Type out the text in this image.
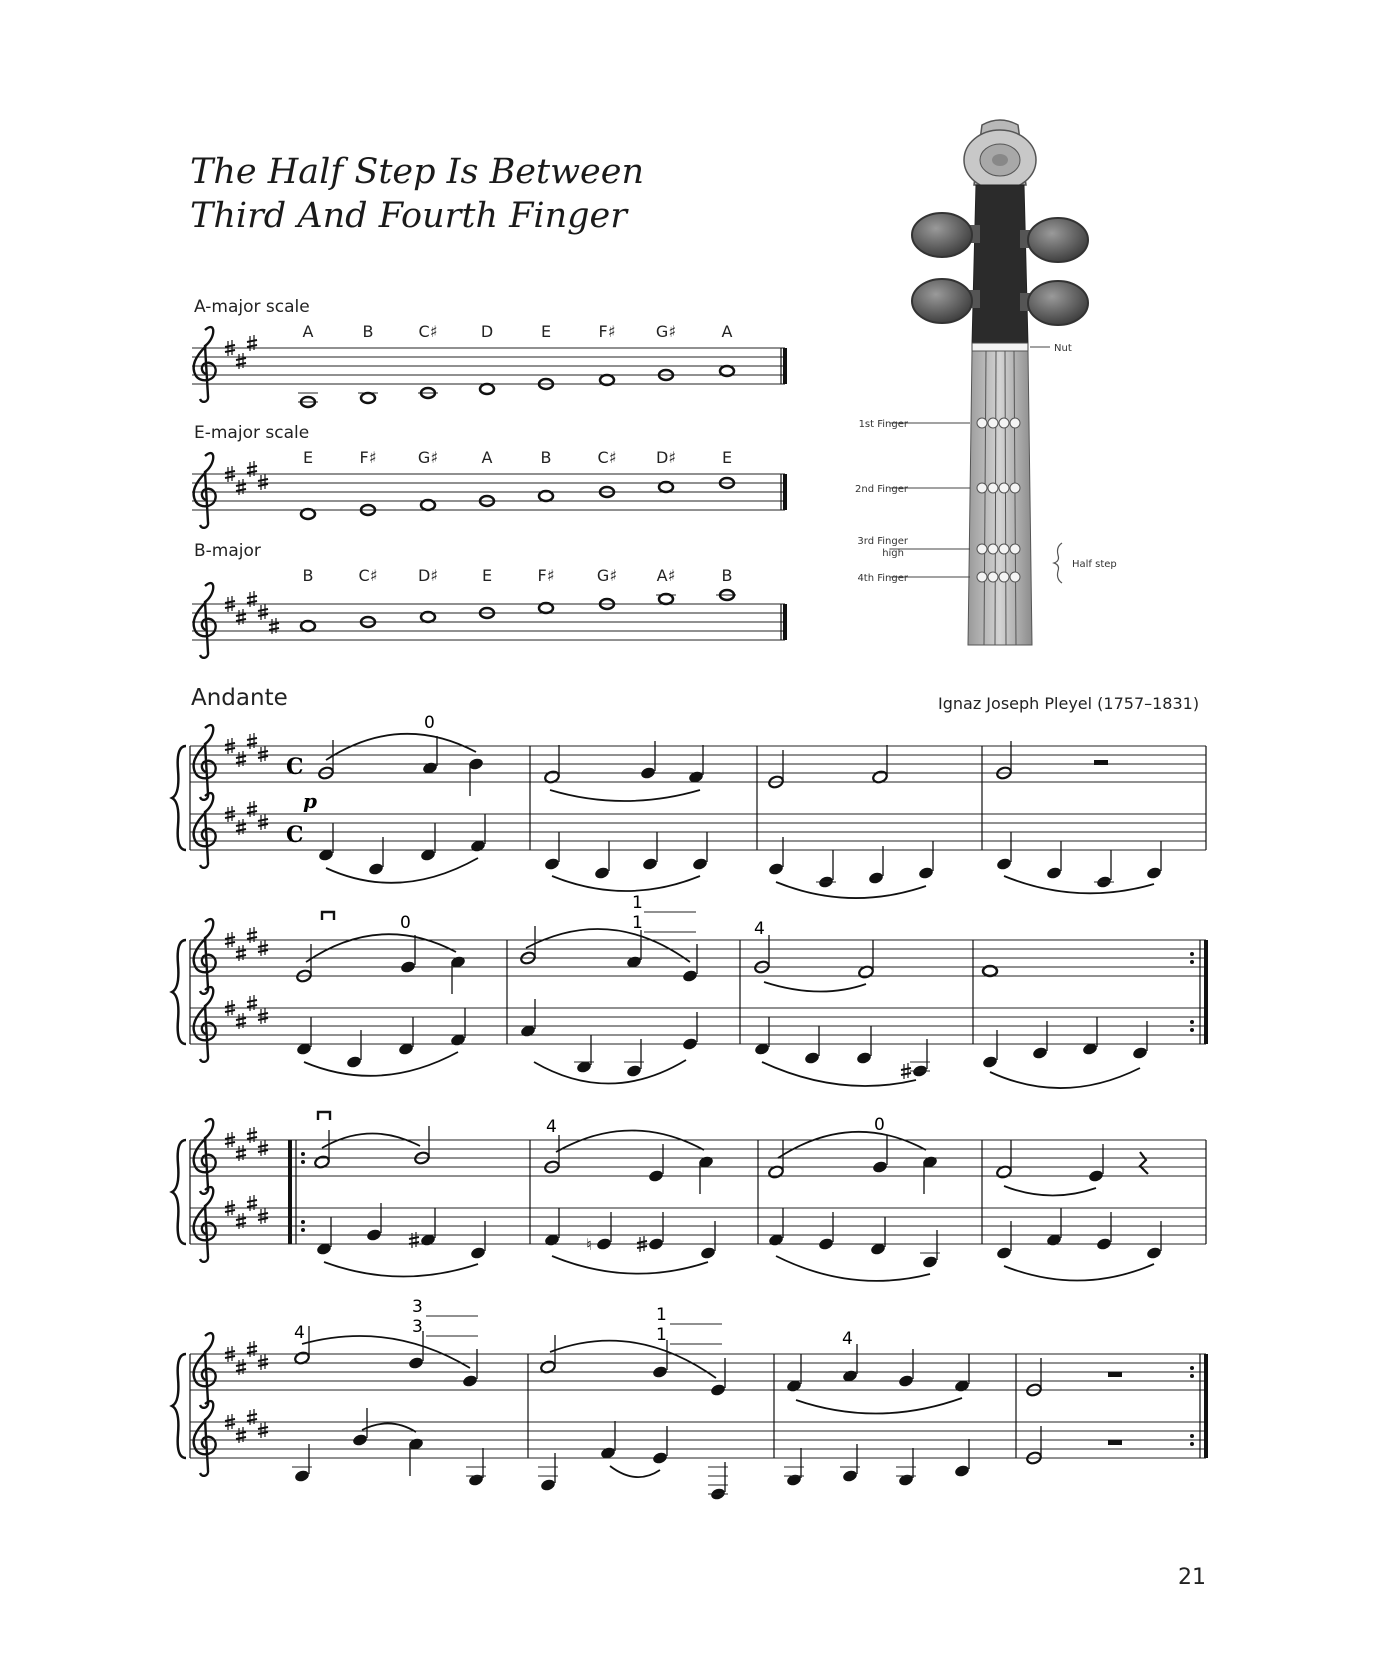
The Half Step Is Between
Third And Fourth Finger
A-major scale
E-major scale
B-major
A	B	C♯	D	E	F♯	G♯	A
E	F♯	G♯	A	B	C♯ D♯	E
B	C♯	D♯	E	F♯	G♯ A♯	B
Andante	Ignaz Joseph Pleyel (1757–1831)
21
Nut
1st Finger
2nd Finger
3rd Finger
high
4th Finger
Half step
C
C
p
0
0
1
1	4
4	0
♮
4
3
3
1
1	4
